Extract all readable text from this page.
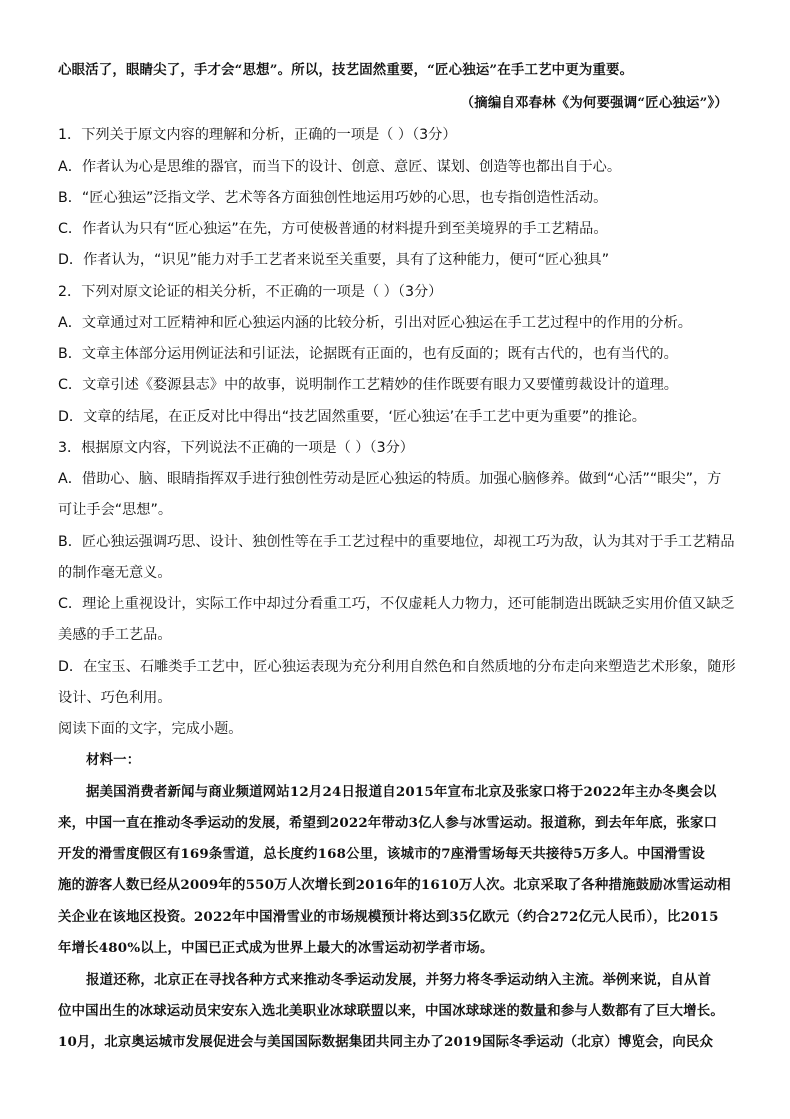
心眼活了，眼睛尖了，手才会“思想”。所以，技艺固然重要，“匠心独运”在手工艺中更为重要。
（摘编自邓春林《为何要强调“匠心独运”》）
1．下列关于原文内容的理解和分析，正确的一项是（ ）（3分）
A．作者认为心是思维的器官，而当下的设计、创意、意匠、谋划、创造等也都出自于心。
B．“匠心独运”泛指文学、艺术等各方面独创性地运用巧妙的心思，也专指创造性活动。
C．作者认为只有“匠心独运”在先，方可使极普通的材料提升到至美境界的手工艺精品。
D．作者认为，“识见”能力对手工艺者来说至关重要，具有了这种能力，便可“匠心独具”
2．下列对原文论证的相关分析，不正确的一项是（ ）（3分）
A．文章通过对工匠精神和匠心独运内涵的比较分析，引出对匠心独运在手工艺过程中的作用的分析。
B．文章主体部分运用例证法和引证法，论据既有正面的，也有反面的；既有古代的，也有当代的。
C．文章引述《婺源县志》中的故事，说明制作工艺精妙的佳作既要有眼力又要懂剪裁设计的道理。
D．文章的结尾，在正反对比中得出“技艺固然重要，‘匠心独运’在手工艺中更为重要”的推论。
3．根据原文内容，下列说法不正确的一项是（ ）（3分）
A．借助心、脑、眼睛指挥双手进行独创性劳动是匠心独运的特质。加强心脑修养。做到“心活”“眼尖”，方
可让手会“思想”。
B．匠心独运强调巧思、设计、独创性等在手工艺过程中的重要地位，却视工巧为敌，认为其对于手工艺精品
的制作毫无意义。
C．理论上重视设计，实际工作中却过分看重工巧，不仅虚耗人力物力，还可能制造出既缺乏实用价值又缺乏
美感的手工艺品。
D．在宝玉、石雕类手工艺中，匠心独运表现为充分利用自然色和自然质地的分布走向来塑造艺术形象，随形
设计、巧色利用。
阅读下面的文字，完成小题。
材料一：
据美国消费者新闻与商业频道网站12月24日报道自2015年宣布北京及张家口将于2022年主办冬奥会以
来，中国一直在推动冬季运动的发展，希望到2022年带动3亿人参与冰雪运动。报道称，到去年年底，张家口
开发的滑雪度假区有169条雪道，总长度约168公里，该城市的7座滑雪场每天共接待5万多人。中国滑雪设
施的游客人数已经从2009年的550万人次增长到2016年的1610万人次。北京采取了各种措施鼓励冰雪运动相
关企业在该地区投资。2022年中国滑雪业的市场规模预计将达到35亿欧元（约合272亿元人民币），比2015
年增长480%以上，中国已正式成为世界上最大的冰雪运动初学者市场。
报道还称，北京正在寻找各种方式来推动冬季运动发展，并努力将冬季运动纳入主流。举例来说，自从首
位中国出生的冰球运动员宋安东入选北美职业冰球联盟以来，中国冰球球迷的数量和参与人数都有了巨大增长。
10月，北京奥运城市发展促进会与美国国际数据集团共同主办了2019国际冬季运动（北京）博览会，向民众
